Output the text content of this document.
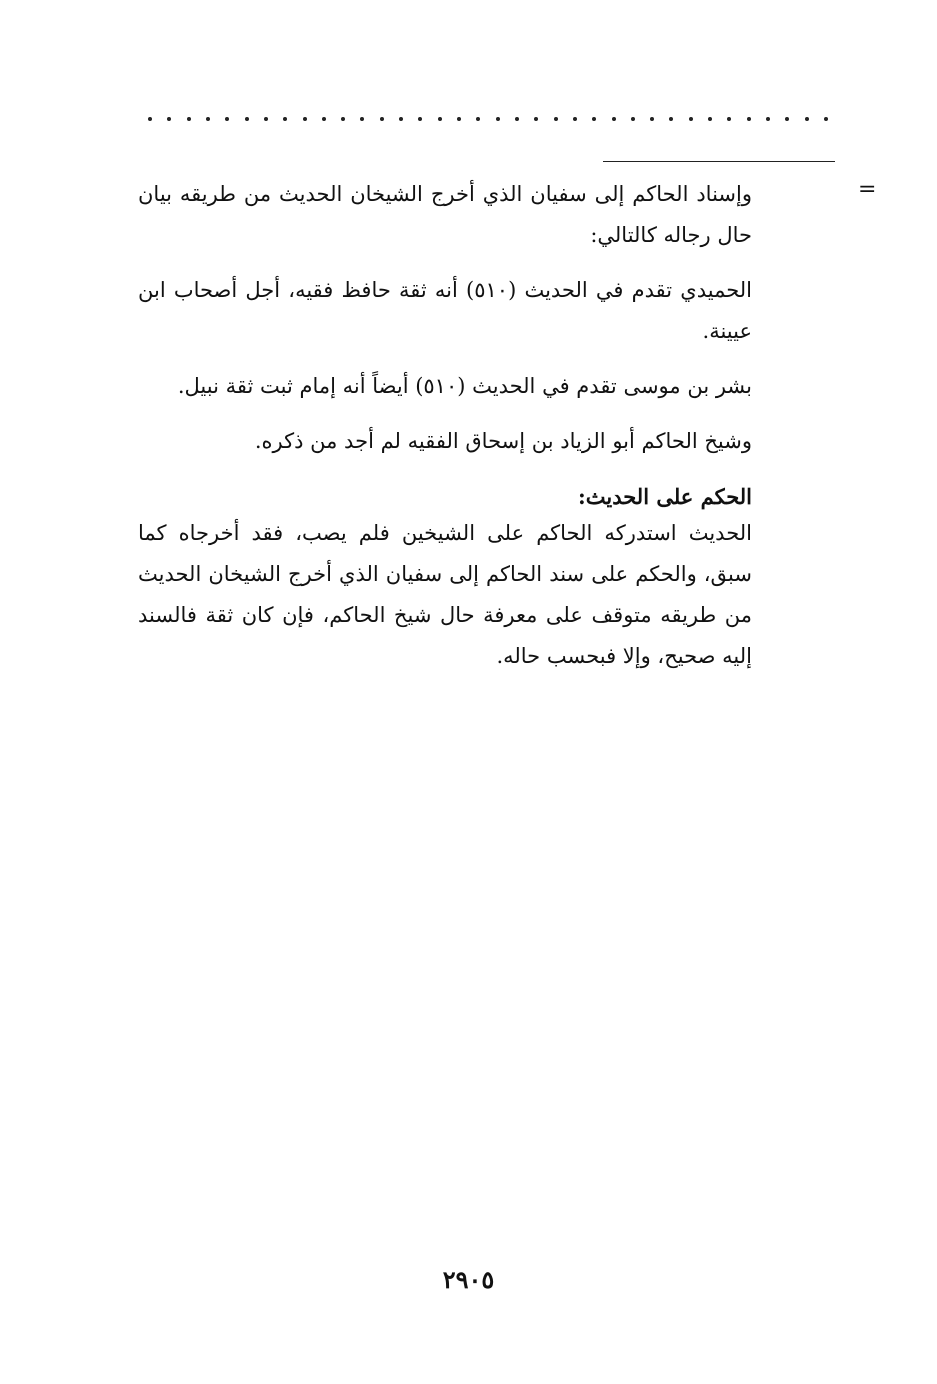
=

وإسناد الحاكم إلى سفيان الذي أخرج الشيخان الحديث من طريقه بيان حال رجاله كالتالي:

الحميدي تقدم في الحديث (٥١٠) أنه ثقة حافظ فقيه، أجل أصحاب ابن عيينة.

بشر بن موسى تقدم في الحديث (٥١٠) أيضاً أنه إمام ثبت ثقة نبيل.

وشيخ الحاكم أبو الزياد بن إسحاق الفقيه لم أجد من ذكره.

الحكم على الحديث:

الحديث استدركه الحاكم على الشيخين فلم يصب، فقد أخرجاه كما سبق، والحكم على سند الحاكم إلى سفيان الذي أخرج الشيخان الحديث من طريقه متوقف على معرفة حال شيخ الحاكم، فإن كان ثقة فالسند إليه صحيح، وإلا فبحسب حاله.

٢٩٠٥
